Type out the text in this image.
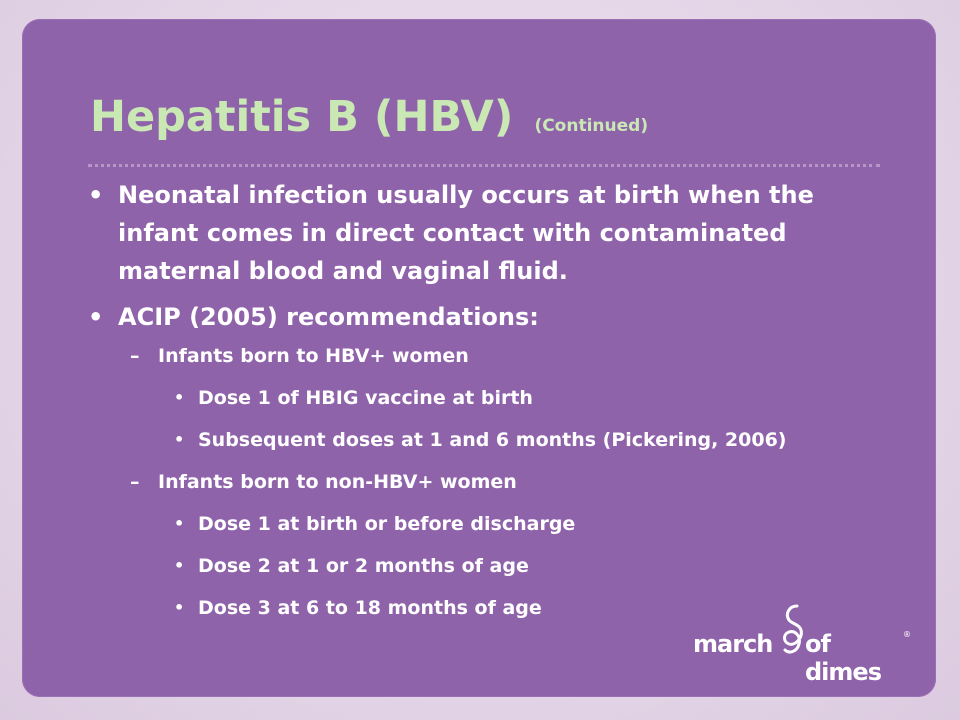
Hepatitis B (HBV) (Continued)
• Neonatal infection usually occurs at birth when the infant comes in direct contact with contaminated maternal blood and vaginal fluid.
• ACIP (2005) recommendations:
– Infants born to HBV+ women
• Dose 1 of HBIG vaccine at birth
• Subsequent doses at 1 and 6 months (Pickering, 2006)
– Infants born to non-HBV+ women
• Dose 1 at birth or before discharge
• Dose 2 at 1 or 2 months of age
• Dose 3 at 6 to 18 months of age
march of dimes
®
